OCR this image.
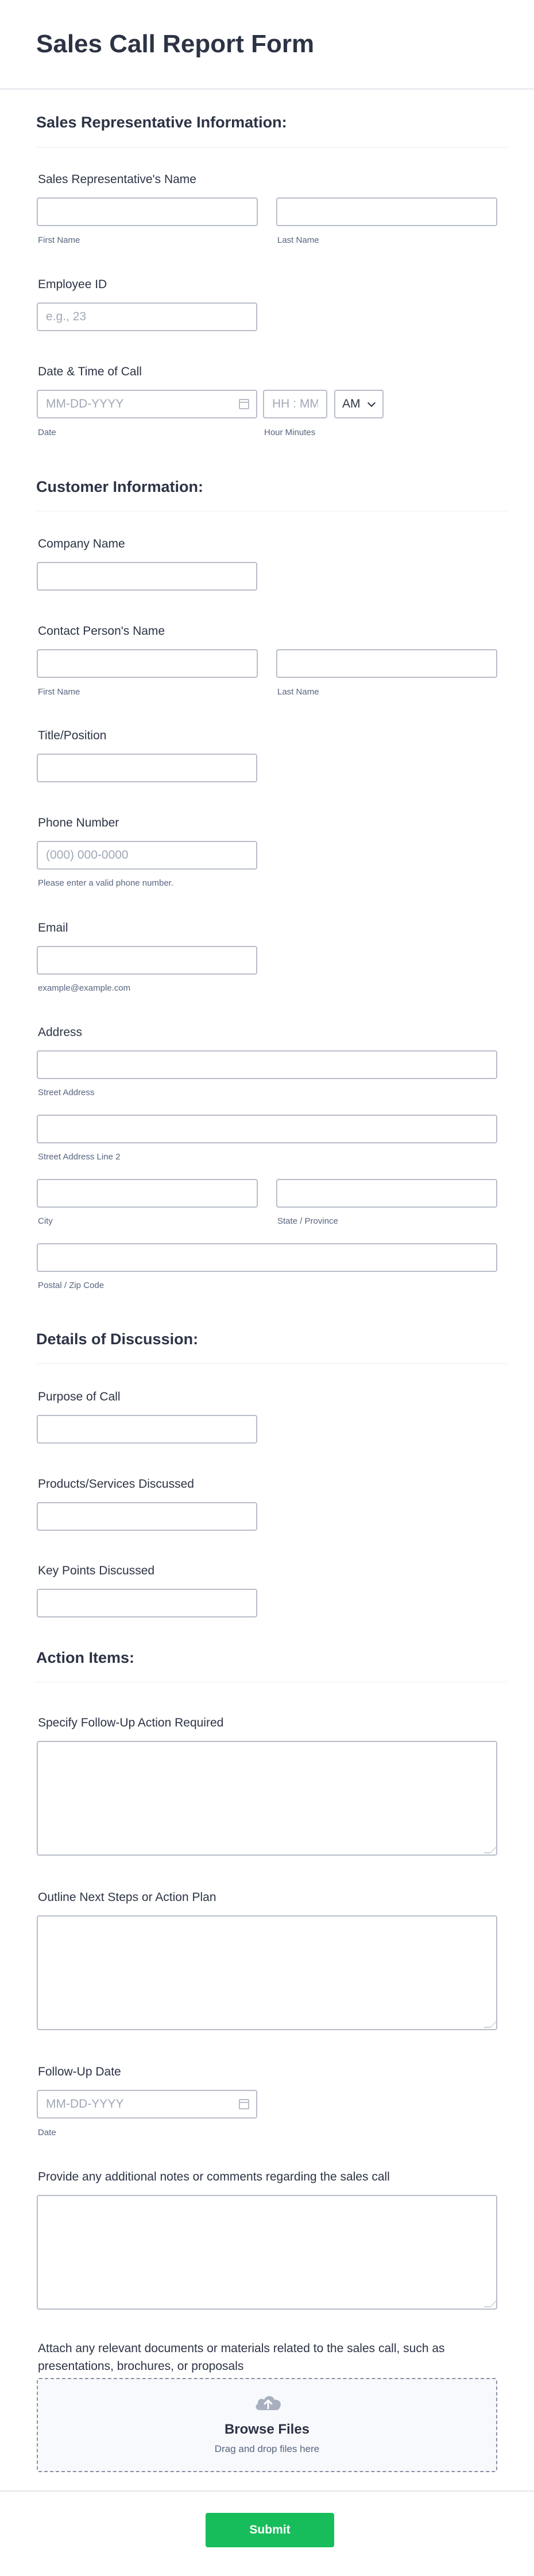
Sales Call Report Form
Sales Representative Information:
Sales Representative's Name
First Name	Last Name
Employee ID
e.g., 23
Date & Time of Call
MM-DD-YYYY
HH : MM
AM
Date	Hour Minutes
Customer Information:
Company Name
Contact Person's Name
First Name	Last Name
Title/Position
Phone Number
(000) 000-0000
Please enter a valid phone number.
Email
example@example.com
Address
Street Address
Street Address Line 2
City	State / Province
Postal / Zip Code
Details of Discussion:
Purpose of Call
Products/Services Discussed
Key Points Discussed
Action Items:
Specify Follow-Up Action Required
Outline Next Steps or Action Plan
Follow-Up Date
MM-DD-YYYY
Date
Provide any additional notes or comments regarding the sales call
Attach any relevant documents or materials related to the sales call, such as presentations, brochures, or proposals
Browse Files
Drag and drop files here
Submit
